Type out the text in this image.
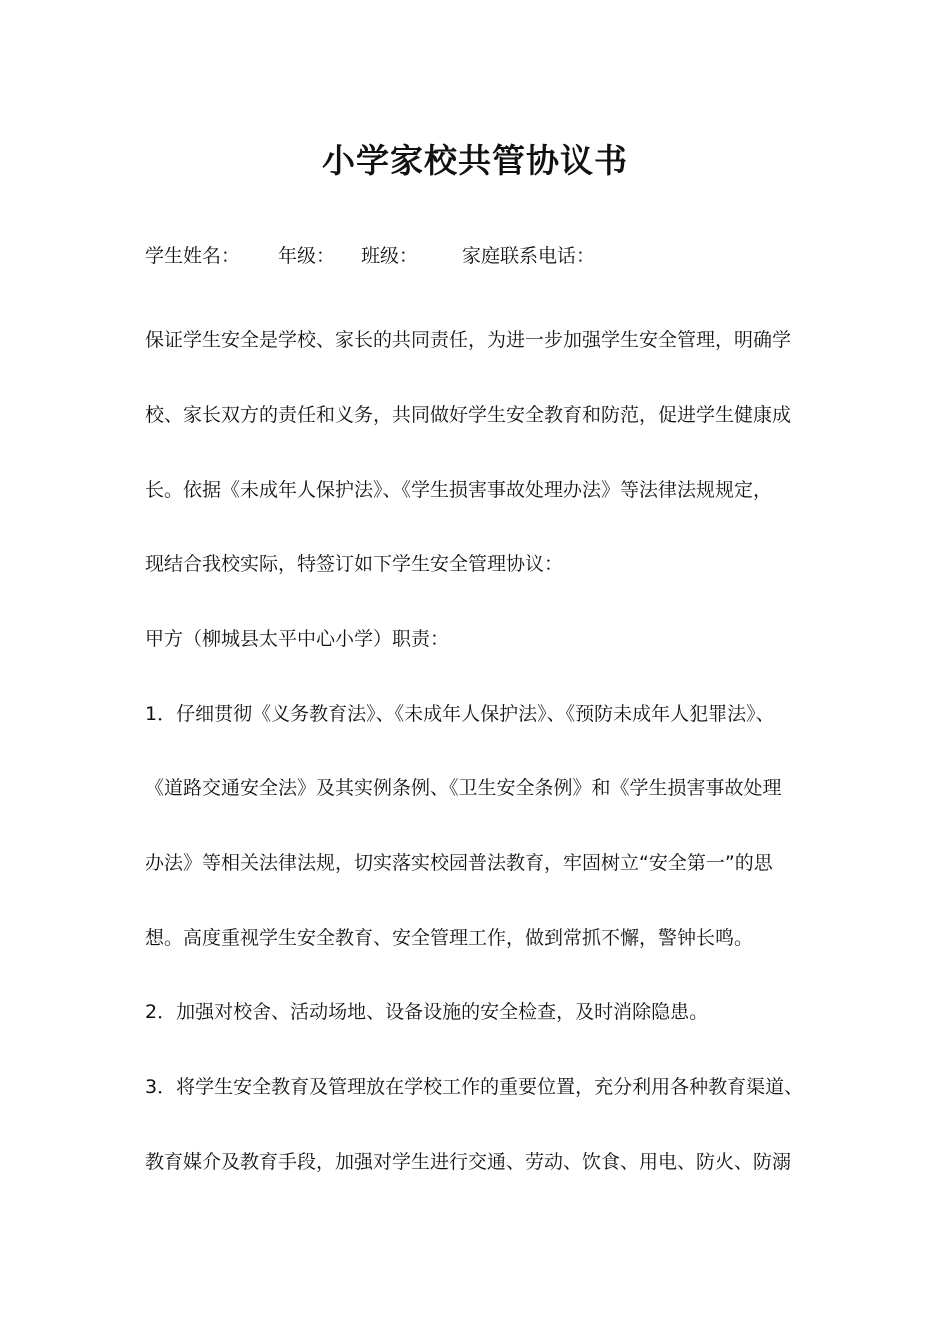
小学家校共管协议书
学生姓名： 年级： 班级： 家庭联系电话：

保证学生安全是学校、家长的共同责任，为进一步加强学生安全管理，明确学

校、家长双方的责任和义务，共同做好学生安全教育和防范，促进学生健康成

长。依据《未成年人保护法》、《学生损害事故处理办法》等法律法规规定，

现结合我校实际，特签订如下学生安全管理协议：

甲方（柳城县太平中心小学）职责：

1．仔细贯彻《义务教育法》、《未成年人保护法》、《预防未成年人犯罪法》、

《道路交通安全法》及其实例条例、《卫生安全条例》和《学生损害事故处理

办法》等相关法律法规，切实落实校园普法教育，牢固树立“安全第一”的思

想。高度重视学生安全教育、安全管理工作，做到常抓不懈，警钟长鸣。

2．加强对校舍、活动场地、设备设施的安全检查，及时消除隐患。

3．将学生安全教育及管理放在学校工作的重要位置，充分利用各种教育渠道、

教育媒介及教育手段，加强对学生进行交通、劳动、饮食、用电、防火、防溺
